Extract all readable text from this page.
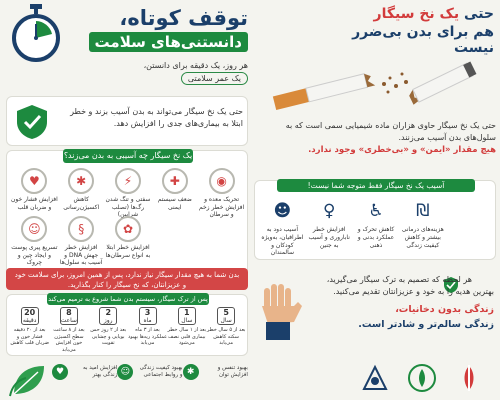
توقف کوتاه،
دانستنی‌های سلامت
هر روز، یک دقیقه برای دانستن،
یک عمر سلامتی

حتی یک نخ سیگار می‌تواند به بدن آسیب بزند و خطر ابتلا به بیماری‌های جدی را افزایش دهد.

یک نخ سیگار چه آسیبی به بدن می‌زند؟
♥
افزایش فشار خون و ضربان قلب
✱
کاهش اکسیژن‌رسانی
⚡
سفتی و تنگ شدن رگ‌ها (تصلب شرایین)
✚
ضعف سیستم ایمنی
◉
تحریک معده و افزایش خطر زخم و سرطان
☺
تسریع پیری پوست و ایجاد چین و چروک
§
افزایش خطر جهش DNA و آسیب به سلول‌ها
✿
افزایش خطر ابتلا به انواع سرطان‌ها
بدن شما به هیچ مقدار سیگار نیاز ندارد، پس از همین امروز، برای سلامت خود
و عزیزانتان، که نخ سیگار را کنار بگذارید.
پس از ترک سیگار، سیستم بدن شما شروع به ترمیم می‌کند
20
دقیقه
بعد از ۲۰ دقیقه فشار خون و ضربان قلب کاهش
8
ساعت
بعد از ۸ ساعت سطح اکسیژن خون افزایش می‌یابد
2
روز
بعد از ۲ روز حس بویایی و چشایی تقویت
3
ماه
بعد از ۳ ماه عملکرد ریه‌ها بهبود می‌یابد
1
سال
بعد از ۱ سال خطر بیماری قلبی نصف می‌شود
5
سال
بعد از ۵ سال خطر سکته کاهش می‌یابد
♥	افزایش امید به زندگی بهتر ☺	بهبود کیفیت زندگی و روابط اجتماعی ✱	بهبود تنفس و افزایش توان
حتی یک نخ سیگار
هم برای بدن بی‌ضرر نیست

حتی یک نخ سیگار حاوی هزاران ماده شیمیایی سمی است که به سلول‌های بدن آسیب می‌زنند.

هیچ مقدار «ایمن» و «بی‌خطری» وجود ندارد.

آسیب یک نخ سیگار فقط متوجه شما نیست!
☻
آسیب دود به اطرافیان، به‌ویژه کودکان و سالمندان
♀
افزایش خطر ناباروری و آسیب به جنین
♿
کاهش تحرک و عملکرد بدنی و ذهنی
₪
هزینه‌های درمانی بیشتر و کاهش کیفیت زندگی

هر لحظه که تصمیم به ترک سیگار می‌گیرید،

بهترین هدیه را به خود و عزیزانتان تقدیم می‌کنید.

زندگی بدون دخانیات،

زندگی سالم‌تر و شادتر است.
